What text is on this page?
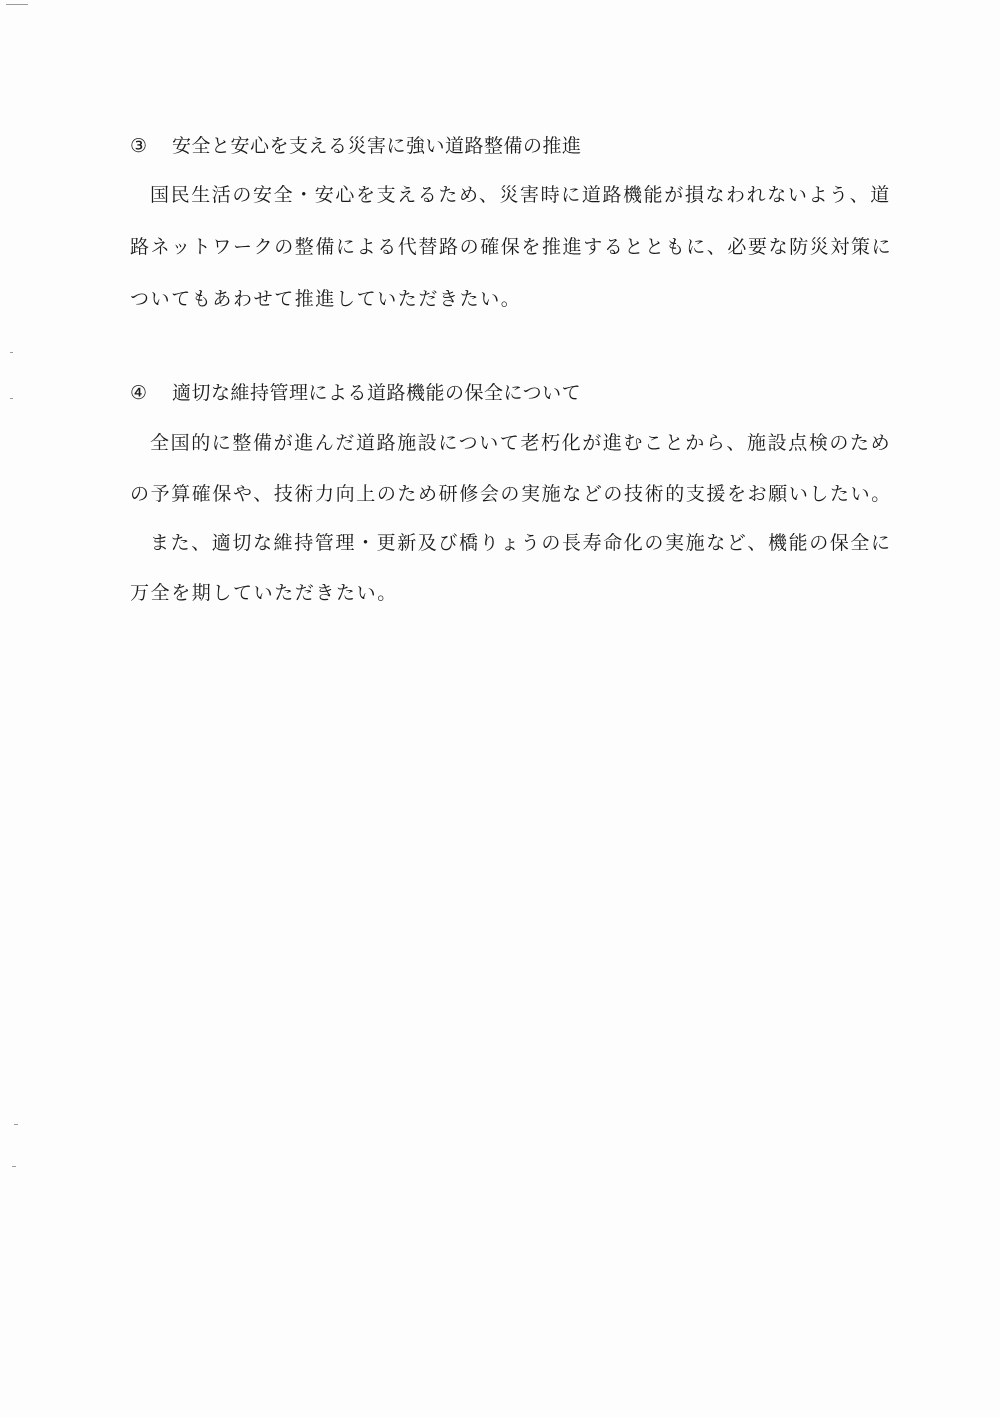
③ 安全と安心を支える災害に強い道路整備の推進
国民生活の安全・安心を支えるため、災害時に道路機能が損なわれないよう、道
路ネットワークの整備による代替路の確保を推進するとともに、必要な防災対策に
ついてもあわせて推進していただきたい。
④ 適切な維持管理による道路機能の保全について
全国的に整備が進んだ道路施設について老朽化が進むことから、施設点検のため
の予算確保や、技術力向上のため研修会の実施などの技術的支援をお願いしたい。
また、適切な維持管理・更新及び橋りょうの長寿命化の実施など、機能の保全に
万全を期していただきたい。
